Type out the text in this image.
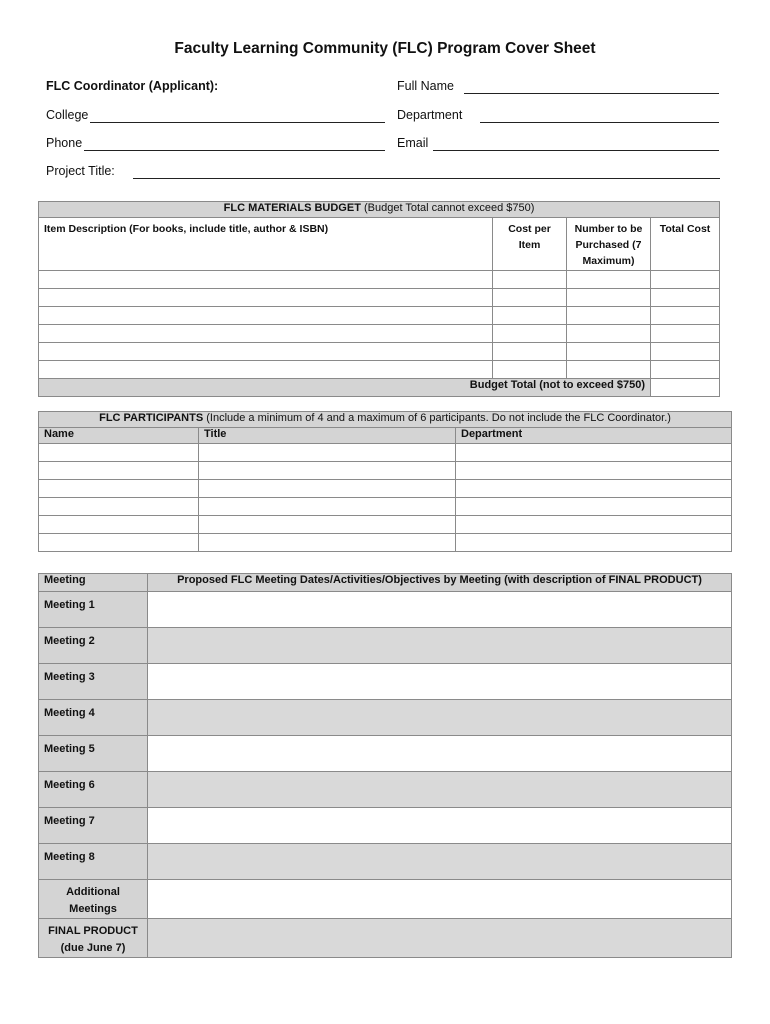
Faculty Learning Community (FLC) Program Cover Sheet
FLC Coordinator (Applicant):	Full Name
College	Department
Phone	Email
Project Title:
FLC MATERIALS BUDGET (Budget Total cannot exceed $750)			
Item Description (For books, include title, author & ISBN)	Cost per Item	Number to be Purchased (7 Maximum)	Total Cost

Budget Total (not to exceed $750)			
FLC PARTICIPANTS (Include a minimum of 4 and a maximum of 6 participants. Do not include the FLC Coordinator.)		
Name	Title	Department

Meeting	Proposed FLC Meeting Dates/Activities/Objectives by Meeting (with description of FINAL PRODUCT)
Meeting 1	
Meeting 2	
Meeting 3	
Meeting 4	
Meeting 5	
Meeting 6	
Meeting 7	
Meeting 8	
Additional Meetings	
FINAL PRODUCT (due June 7)	
